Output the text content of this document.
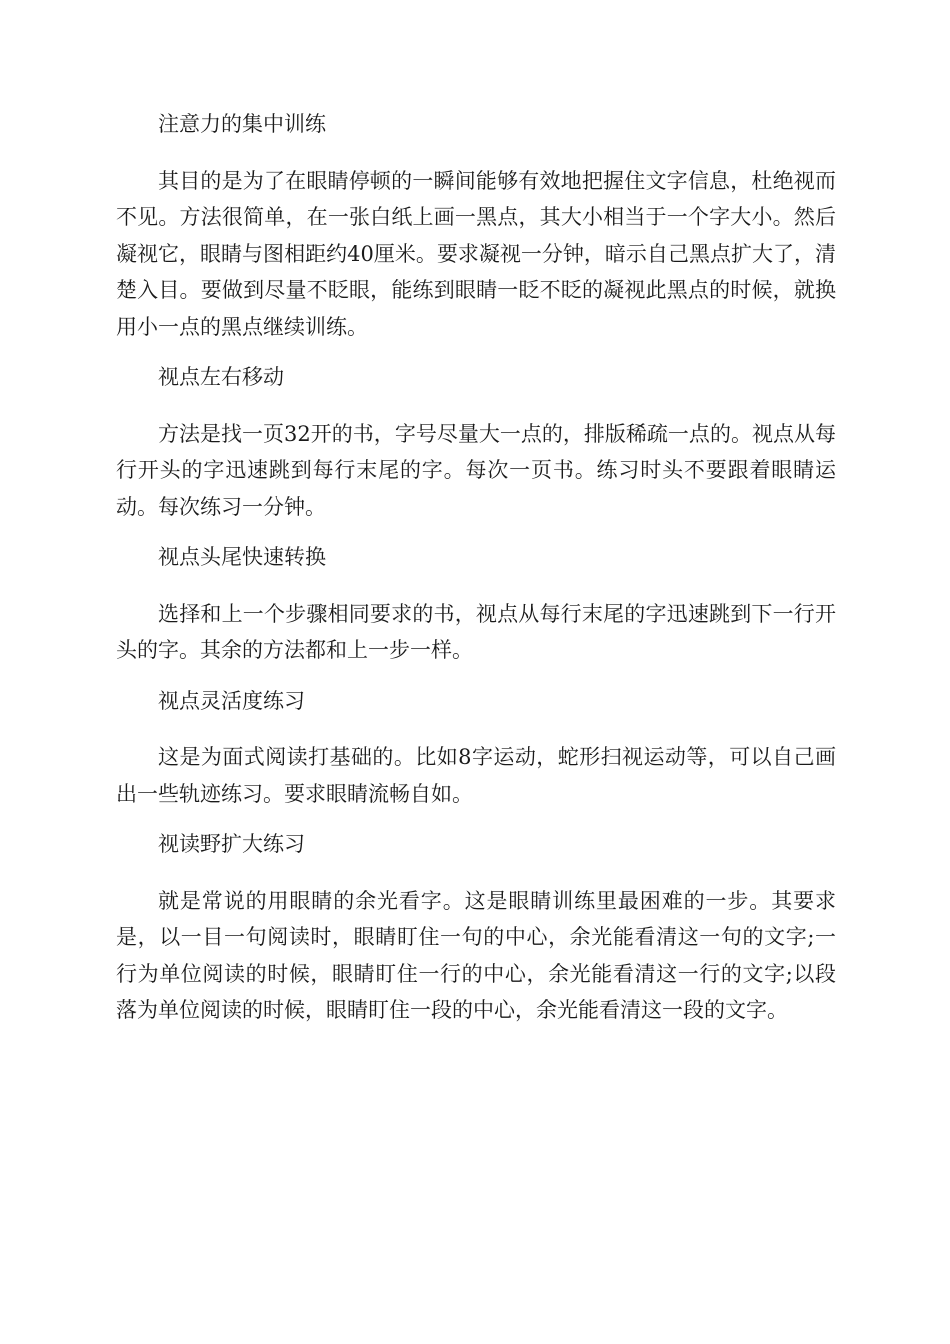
注意力的集中训练

其目的是为了在眼睛停顿的一瞬间能够有效地把握住文字信息，杜绝视而不见。方法很简单，在一张白纸上画一黑点，其大小相当于一个字大小。然后凝视它，眼睛与图相距约40厘米。要求凝视一分钟，暗示自己黑点扩大了，清楚入目。要做到尽量不眨眼，能练到眼睛一眨不眨的凝视此黑点的时候，就换用小一点的黑点继续训练。

视点左右移动

方法是找一页32开的书，字号尽量大一点的，排版稀疏一点的。视点从每行开头的字迅速跳到每行末尾的字。每次一页书。练习时头不要跟着眼睛运动。每次练习一分钟。

视点头尾快速转换

选择和上一个步骤相同要求的书，视点从每行末尾的字迅速跳到下一行开头的字。其余的方法都和上一步一样。

视点灵活度练习

这是为面式阅读打基础的。比如8字运动，蛇形扫视运动等，可以自己画出一些轨迹练习。要求眼睛流畅自如。

视读野扩大练习

就是常说的用眼睛的余光看字。这是眼睛训练里最困难的一步。其要求是，以一目一句阅读时，眼睛盯住一句的中心，余光能看清这一句的文字;一行为单位阅读的时候，眼睛盯住一行的中心，余光能看清这一行的文字;以段落为单位阅读的时候，眼睛盯住一段的中心，余光能看清这一段的文字。
